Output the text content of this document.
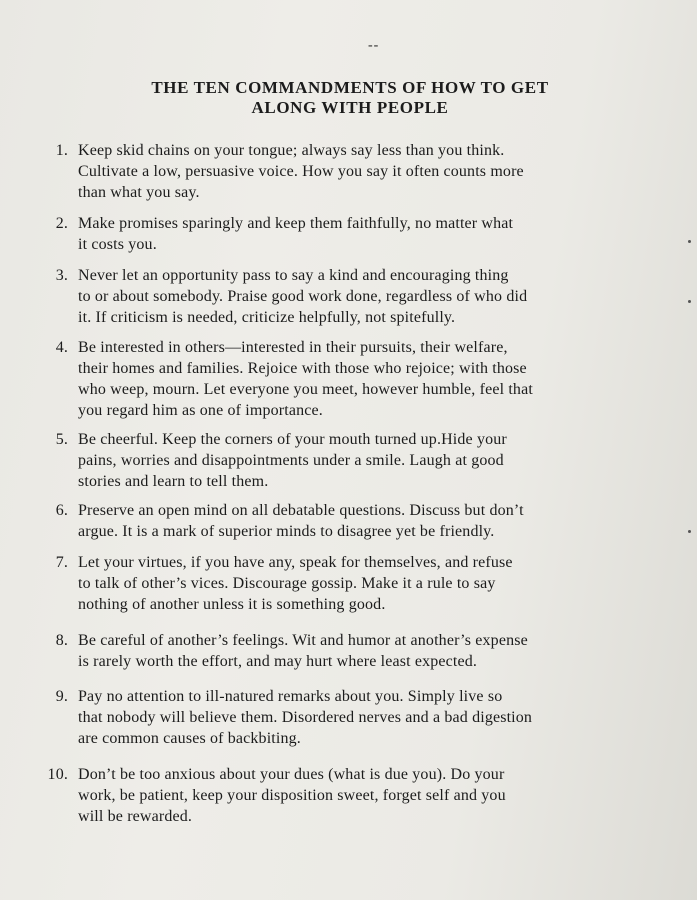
--
THE TEN COMMANDMENTS OF HOW TO GET
ALONG WITH PEOPLE
1. Keep skid chains on your tongue; always say less than you think.
Cultivate a low, persuasive voice. How you say it often counts more
than what you say.
2. Make promises sparingly and keep them faithfully, no matter what
it costs you.
3. Never let an opportunity pass to say a kind and encouraging thing
to or about somebody. Praise good work done, regardless of who did
it. If criticism is needed, criticize helpfully, not spitefully.
4. Be interested in others—interested in their pursuits, their welfare,
their homes and families. Rejoice with those who rejoice; with those
who weep, mourn. Let everyone you meet, however humble, feel that
you regard him as one of importance.
5. Be cheerful. Keep the corners of your mouth turned up.Hide your
pains, worries and disappointments under a smile. Laugh at good
stories and learn to tell them.
6. Preserve an open mind on all debatable questions. Discuss but don’t
argue. It is a mark of superior minds to disagree yet be friendly.
7. Let your virtues, if you have any, speak for themselves, and refuse
to talk of other’s vices. Discourage gossip. Make it a rule to say
nothing of another unless it is something good.
8. Be careful of another’s feelings. Wit and humor at another’s expense
is rarely worth the effort, and may hurt where least expected.
9. Pay no attention to ill-natured remarks about you. Simply live so
that nobody will believe them. Disordered nerves and a bad digestion
are common causes of backbiting.
10. Don’t be too anxious about your dues (what is due you). Do your
work, be patient, keep your disposition sweet, forget self and you
will be rewarded.
